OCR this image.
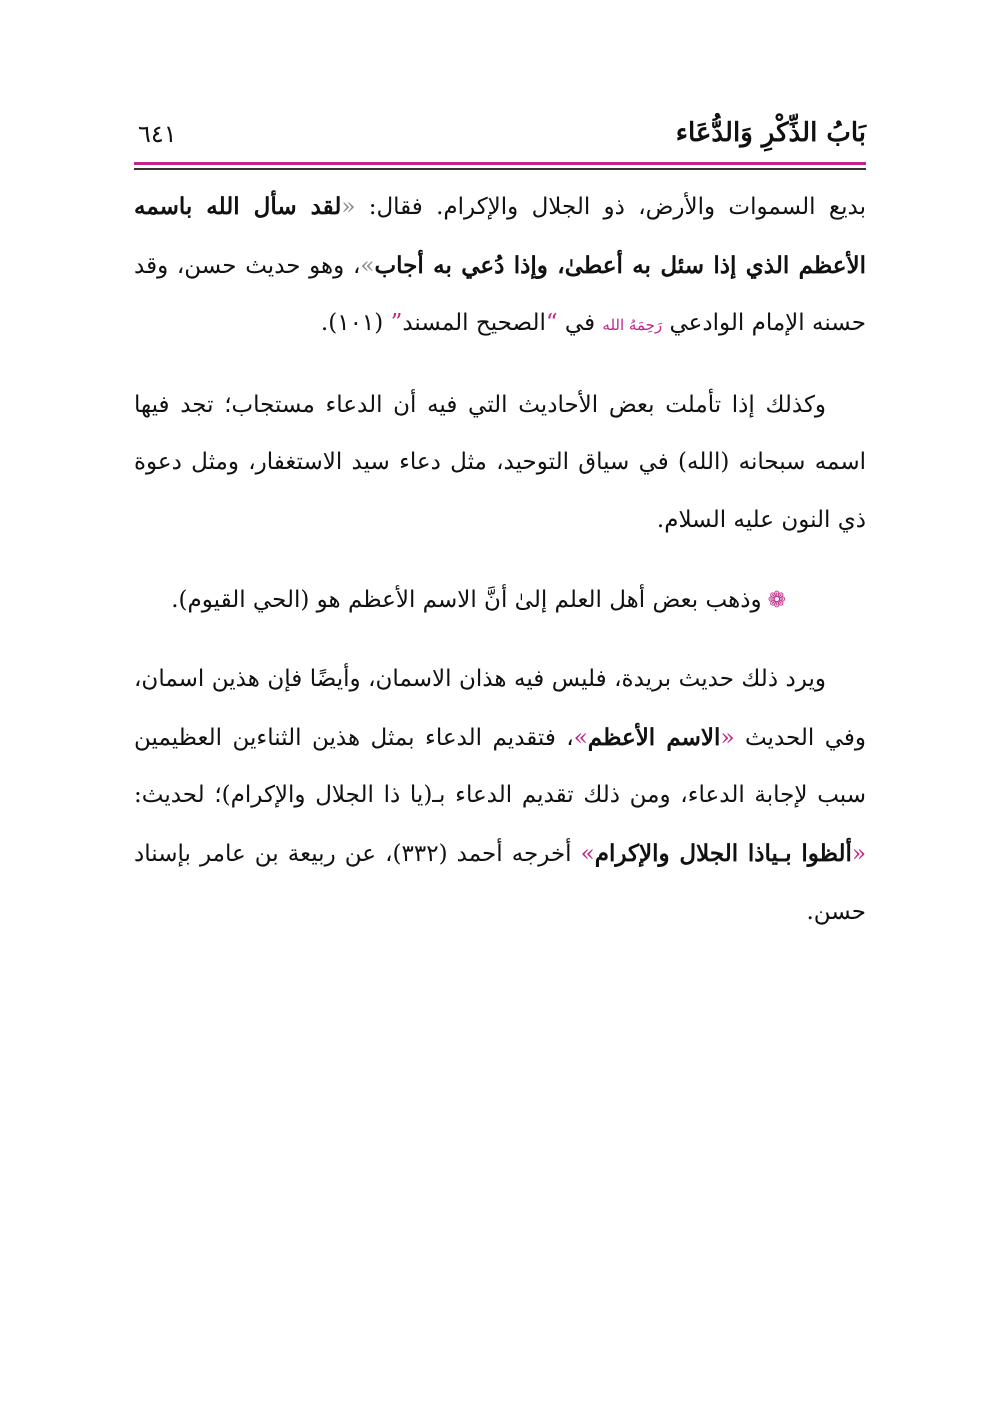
بَابُ الذِّكْرِ وَالدُّعَاء
٦٤١

بديع السموات والأرض، ذو الجلال والإكرام. فقال: «لقد سأل الله باسمه الأعظم الذي إذا سئل به أعطىٰ، وإذا دُعي به أجاب»، وهو حديث حسن، وقد حسنه الإمام الوادعي رَحِمَهُ الله في “الصحيح المسند” (١٠١).

وكذلك إذا تأملت بعض الأحاديث التي فيه أن الدعاء مستجاب؛ تجد فيها اسمه سبحانه (الله) في سياق التوحيد، مثل دعاء سيد الاستغفار، ومثل دعوة ذي النون عليه السلام.

❁وذهب بعض أهل العلم إلىٰ أنَّ الاسم الأعظم هو (الحي القيوم).

ويرد ذلك حديث بريدة، فليس فيه هذان الاسمان، وأيضًا فإن هذين اسمان، وفي الحديث «الاسم الأعظم»، فتقديم الدعاء بمثل هذين الثناءين العظيمين سبب لإجابة الدعاء، ومن ذلك تقديم الدعاء بـ(يا ذا الجلال والإكرام)؛ لحديث: «ألظوا بـياذا الجلال والإكرام» أخرجه أحمد (٣٣٢)، عن ربيعة بن عامر بإسناد حسن.
